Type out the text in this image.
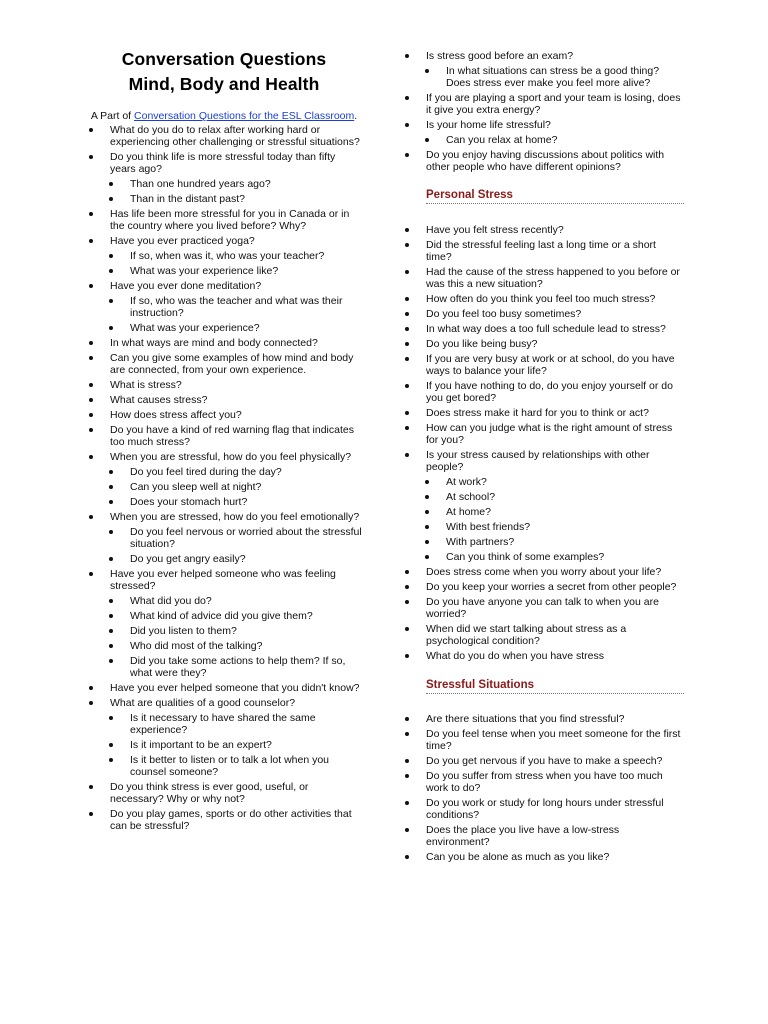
Conversation Questions
Mind, Body and Health

A Part of Conversation Questions for the ESL Classroom.

What do you do to relax after working hard or experiencing other challenging or stressful situations?
Do you think life is more stressful today than fifty years ago?
Than one hundred years ago?
Than in the distant past?
Has life been more stressful for you in Canada or in the country where you lived before? Why?
Have you ever practiced yoga?
If so, when was it, who was your teacher?
What was your experience like?
Have you ever done meditation?
If so, who was the teacher and what was their instruction?
What was your experience?
In what ways are mind and body connected?
Can you give some examples of how mind and body are connected, from your own experience.
What is stress?
What causes stress?
How does stress affect you?
Do you have a kind of red warning flag that indicates too much stress?
When you are stressful, how do you feel physically?
Do you feel tired during the day?
Can you sleep well at night?
Does your stomach hurt?
When you are stressed, how do you feel emotionally?
Do you feel nervous or worried about the stressful situation?
Do you get angry easily?
Have you ever helped someone who was feeling stressed?
What did you do?
What kind of advice did you give them?
Did you listen to them?
Who did most of the talking?
Did you take some actions to help them? If so, what were they?
Have you ever helped someone that you didn't know?
What are qualities of a good counselor?
Is it necessary to have shared the same experience?
Is it important to be an expert?
Is it better to listen or to talk a lot when you counsel someone?
Do you think stress is ever good, useful, or necessary? Why or why not?
Do you play games, sports or do other activities that can be stressful?
Is stress good before an exam?
In what situations can stress be a good thing? Does stress ever make you feel more alive?
If you are playing a sport and your team is losing, does it give you extra energy?
Is your home life stressful?
Can you relax at home?
Do you enjoy having discussions about politics with other people who have different opinions?
Personal Stress
Have you felt stress recently?
Did the stressful feeling last a long time or a short time?
Had the cause of the stress happened to you before or was this a new situation?
How often do you think you feel too much stress?
Do you feel too busy sometimes?
In what way does a too full schedule lead to stress?
Do you like being busy?
If you are very busy at work or at school, do you have ways to balance your life?
If you have nothing to do, do you enjoy yourself or do you get bored?
Does stress make it hard for you to think or act?
How can you judge what is the right amount of stress for you?
Is your stress caused by relationships with other people?
At work?
At school?
At home?
With best friends?
With partners?
Can you think of some examples?
Does stress come when you worry about your life?
Do you keep your worries a secret from other people?
Do you have anyone you can talk to when you are worried?
When did we start talking about stress as a psychological condition?
What do you do when you have stress
Stressful Situations
Are there situations that you find stressful?
Do you feel tense when you meet someone for the first time?
Do you get nervous if you have to make a speech?
Do you suffer from stress when you have too much work to do?
Do you work or study for long hours under stressful conditions?
Does the place you live have a low-stress environment?
Can you be alone as much as you like?
